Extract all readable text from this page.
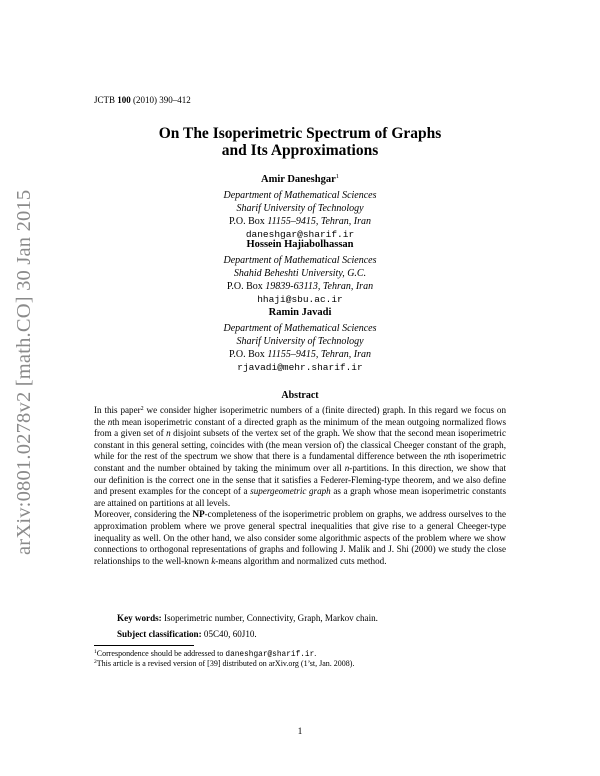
arXiv:0801.0278v2 [math.CO] 30 Jan 2015
JCTB 100 (2010) 390–412
On The Isoperimetric Spectrum of Graphs
and Its Approximations
Amir Daneshgar$^1$
Department of Mathematical Sciences
Sharif University of Technology
P.O. Box 11155–9415, Tehran, Iran
daneshgar@sharif.ir
Hossein Hajiabolhassan
Department of Mathematical Sciences
Shahid Beheshti University, G.C.
P.O. Box 19839-63113, Tehran, Iran
hhaji@sbu.ac.ir
Ramin Javadi
Department of Mathematical Sciences
Sharif University of Technology
P.O. Box 11155–9415, Tehran, Iran
rjavadi@mehr.sharif.ir
Abstract

In this paper$^2$ we consider higher isoperimetric numbers of a (finite directed) graph. In this regard we focus on the nth mean isoperimetric constant of a directed graph as the minimum of the mean outgoing normalized flows from a given set of n disjoint subsets of the vertex set of the graph. We show that the second mean isoperimetric constant in this general setting, coincides with (the mean version of) the classical Cheeger constant of the graph, while for the rest of the spectrum we show that there is a fundamental difference between the nth isoperimetric constant and the number obtained by taking the minimum over all n-partitions. In this direction, we show that our definition is the correct one in the sense that it satisfies a Federer-Fleming-type theorem, and we also define and present examples for the concept of a supergeometric graph as a graph whose mean isoperimetric constants are attained on partitions at all levels.

Moreover, considering the NP-completeness of the isoperimetric problem on graphs, we address ourselves to the approximation problem where we prove general spectral inequalities that give rise to a general Cheeger-type inequality as well. On the other hand, we also consider some algorithmic aspects of the problem where we show connections to orthogonal representations of graphs and following J. Malik and J. Shi (2000) we study the close relationships to the well-known k-means algorithm and normalized cuts method.

Key words: Isoperimetric number, Connectivity, Graph, Markov chain.
Subject classification: 05C40, 60J10.
$^1$Correspondence should be addressed to daneshgar@sharif.ir.
$^2$This article is a revised version of [39] distributed on arXiv.org (1’st, Jan. 2008).
1
